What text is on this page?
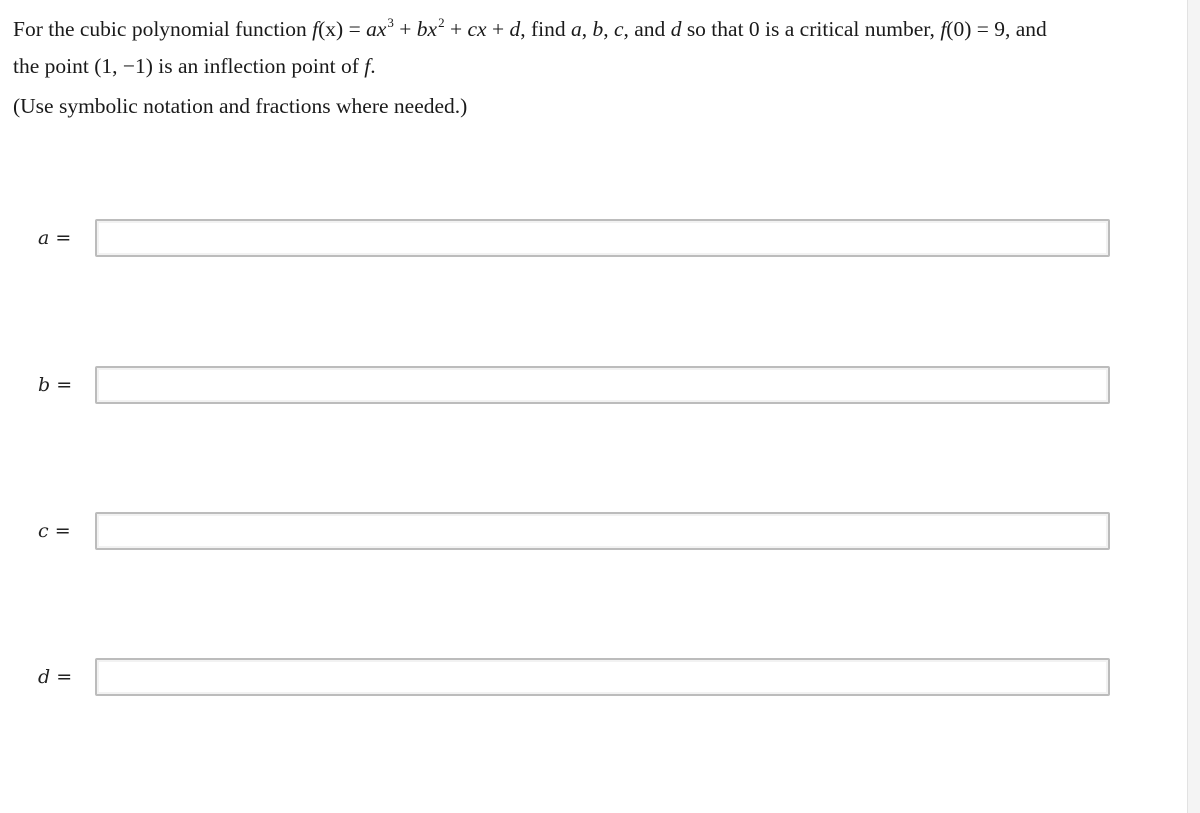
For the cubic polynomial function $f(x) = ax^3 + bx^2$ + cx + d, find a, b, c, and d so that 0 is a critical number, f(0) = 9, and
the point (1, −1) is an inflection point of f.
(Use symbolic notation and fractions where needed.)
a =
b =
c =
d =
